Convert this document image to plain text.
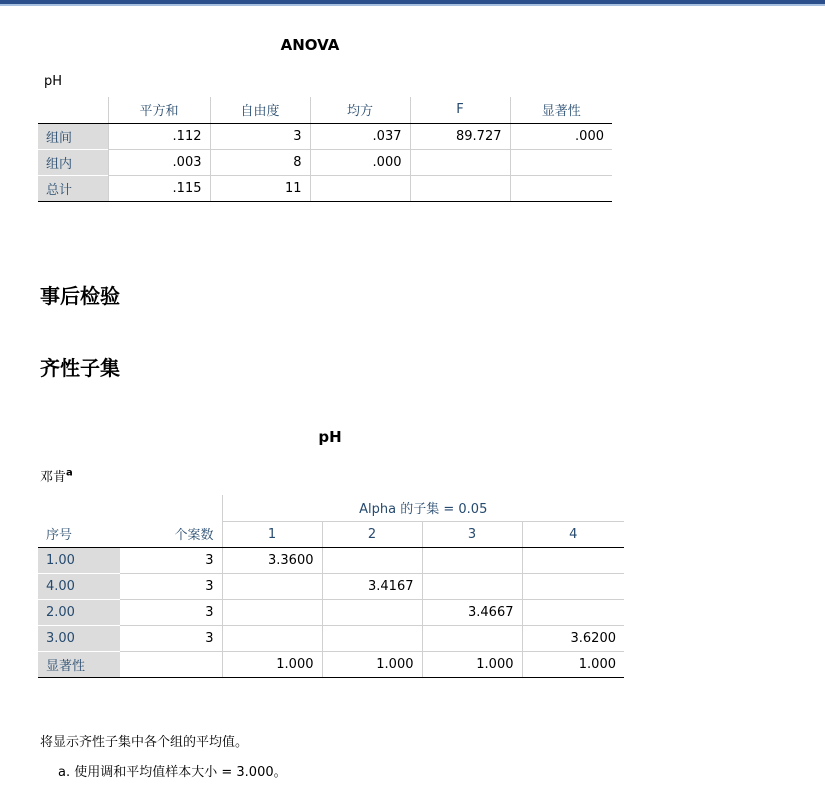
ANOVA
pH
	平方和	自由度	均方	F	显著性
组间	.112	3	.037	89.727	.000
组内	.003	8	.000		
总计	.115	11			
事后检验
齐性子集
pH
邓肯$^a$
		Alpha 的子集 = 0.05			
序号	个案数	1	2	3	4
1.00	3	3.3600			
4.00	3		3.4167		
2.00	3			3.4667	
3.00	3				3.6200
显著性		1.000	1.000	1.000	1.000
将显示齐性子集中各个组的平均值。
a. 使用调和平均值样本大小 = 3.000。
